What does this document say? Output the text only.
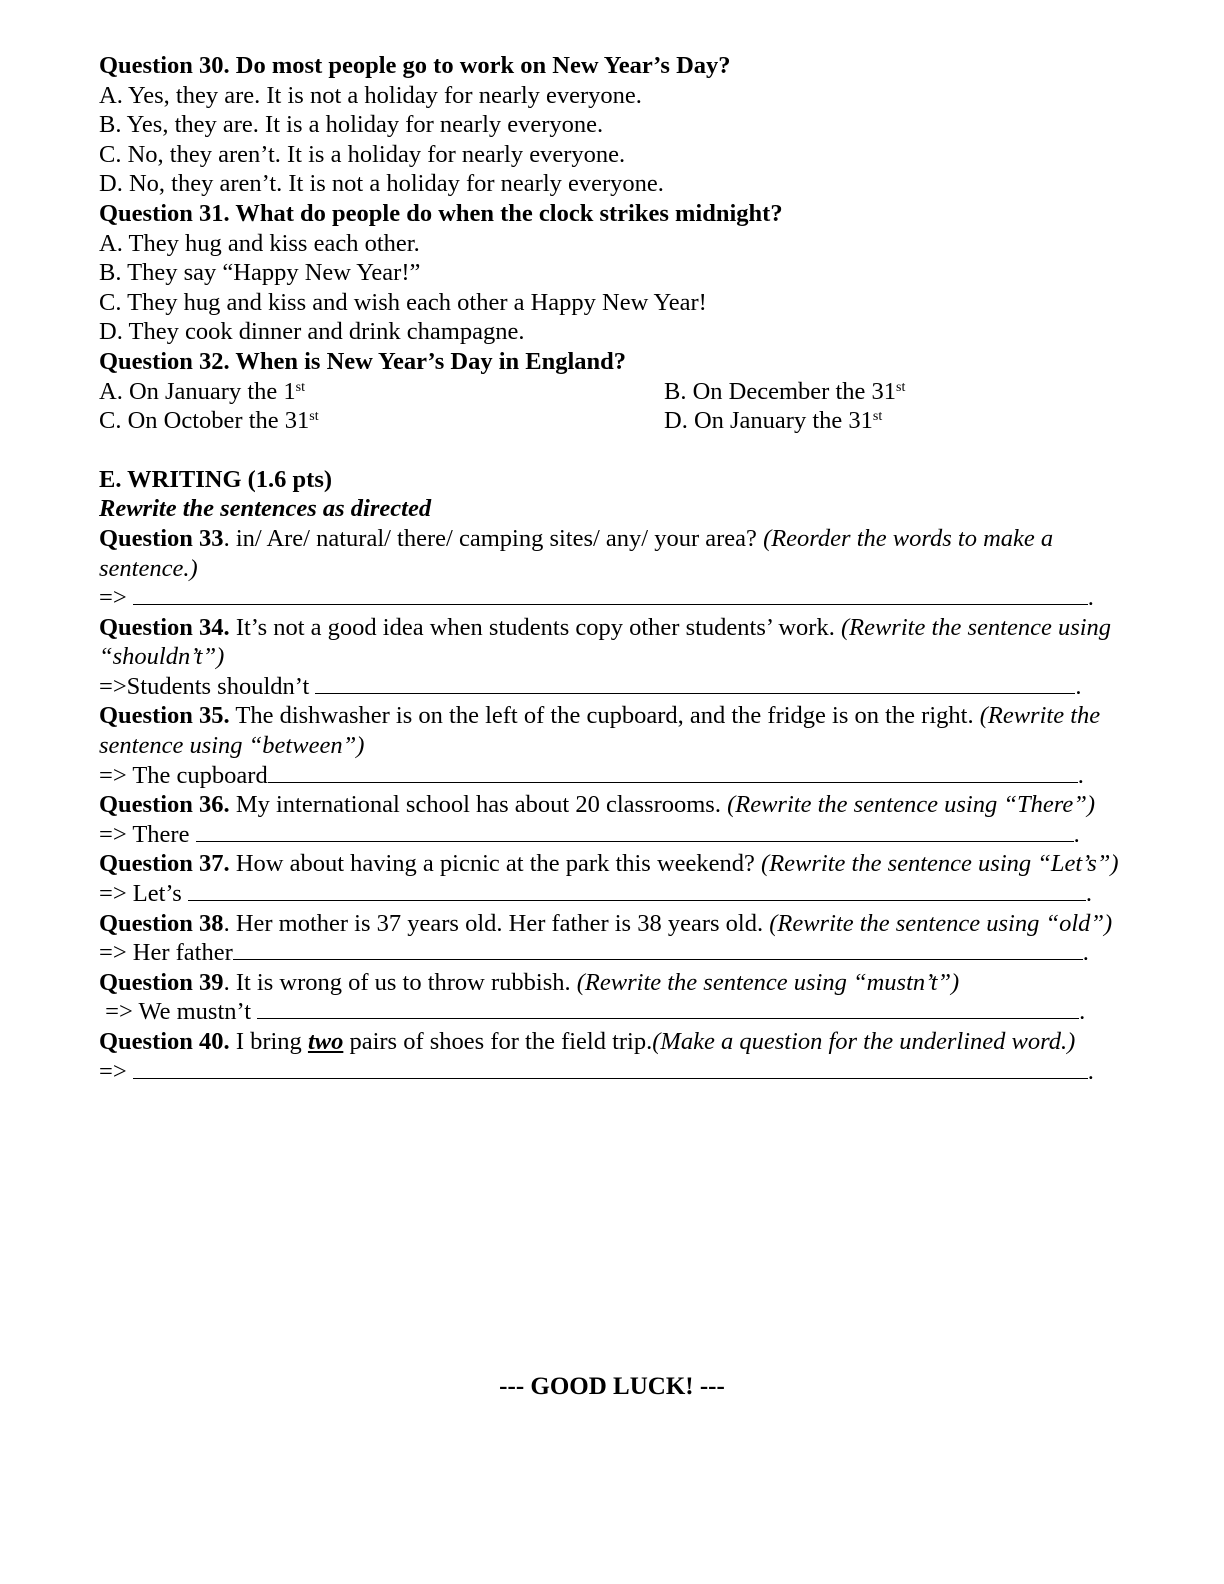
Question 30. Do most people go to work on New Year’s Day?
A. Yes, they are. It is not a holiday for nearly everyone.
B. Yes, they are. It is a holiday for nearly everyone.
C. No, they aren’t. It is a holiday for nearly everyone.
D. No, they aren’t. It is not a holiday for nearly everyone.
Question 31. What do people do when the clock strikes midnight?
A. They hug and kiss each other.
B. They say “Happy New Year!”
C. They hug and kiss and wish each other a Happy New Year!
D. They cook dinner and drink champagne.
Question 32. When is New Year’s Day in England?
A. On January the 1st	B. On December the 31st
C. On October the 31st	D. On January the 31st
E. WRITING (1.6 pts)
Rewrite the sentences as directed
Question 33. in/ Are/ natural/ there/ camping sites/ any/ your area? (Reorder the words to make a sentence.)
=>	.
Question 34. It’s not a good idea when students copy other students’ work. (Rewrite the sentence using “shouldn’t”)
=>Students shouldn’t	.
Question 35. The dishwasher is on the left of the cupboard, and the fridge is on the right. (Rewrite the sentence using “between”)
=> The cupboard	.
Question 36. My international school has about 20 classrooms. (Rewrite the sentence using “There”)
=> There	.
Question 37. How about having a picnic at the park this weekend? (Rewrite the sentence using “Let’s”)
=> Let’s	.
Question 38. Her mother is 37 years old. Her father is 38 years old. (Rewrite the sentence using “old”)
=> Her father	.
Question 39. It is wrong of us to throw rubbish. (Rewrite the sentence using “mustn’t”)
=> We mustn’t	.
Question 40. I bring two pairs of shoes for the field trip.(Make a question for the underlined word.)
=>	.
--- GOOD LUCK! ---
